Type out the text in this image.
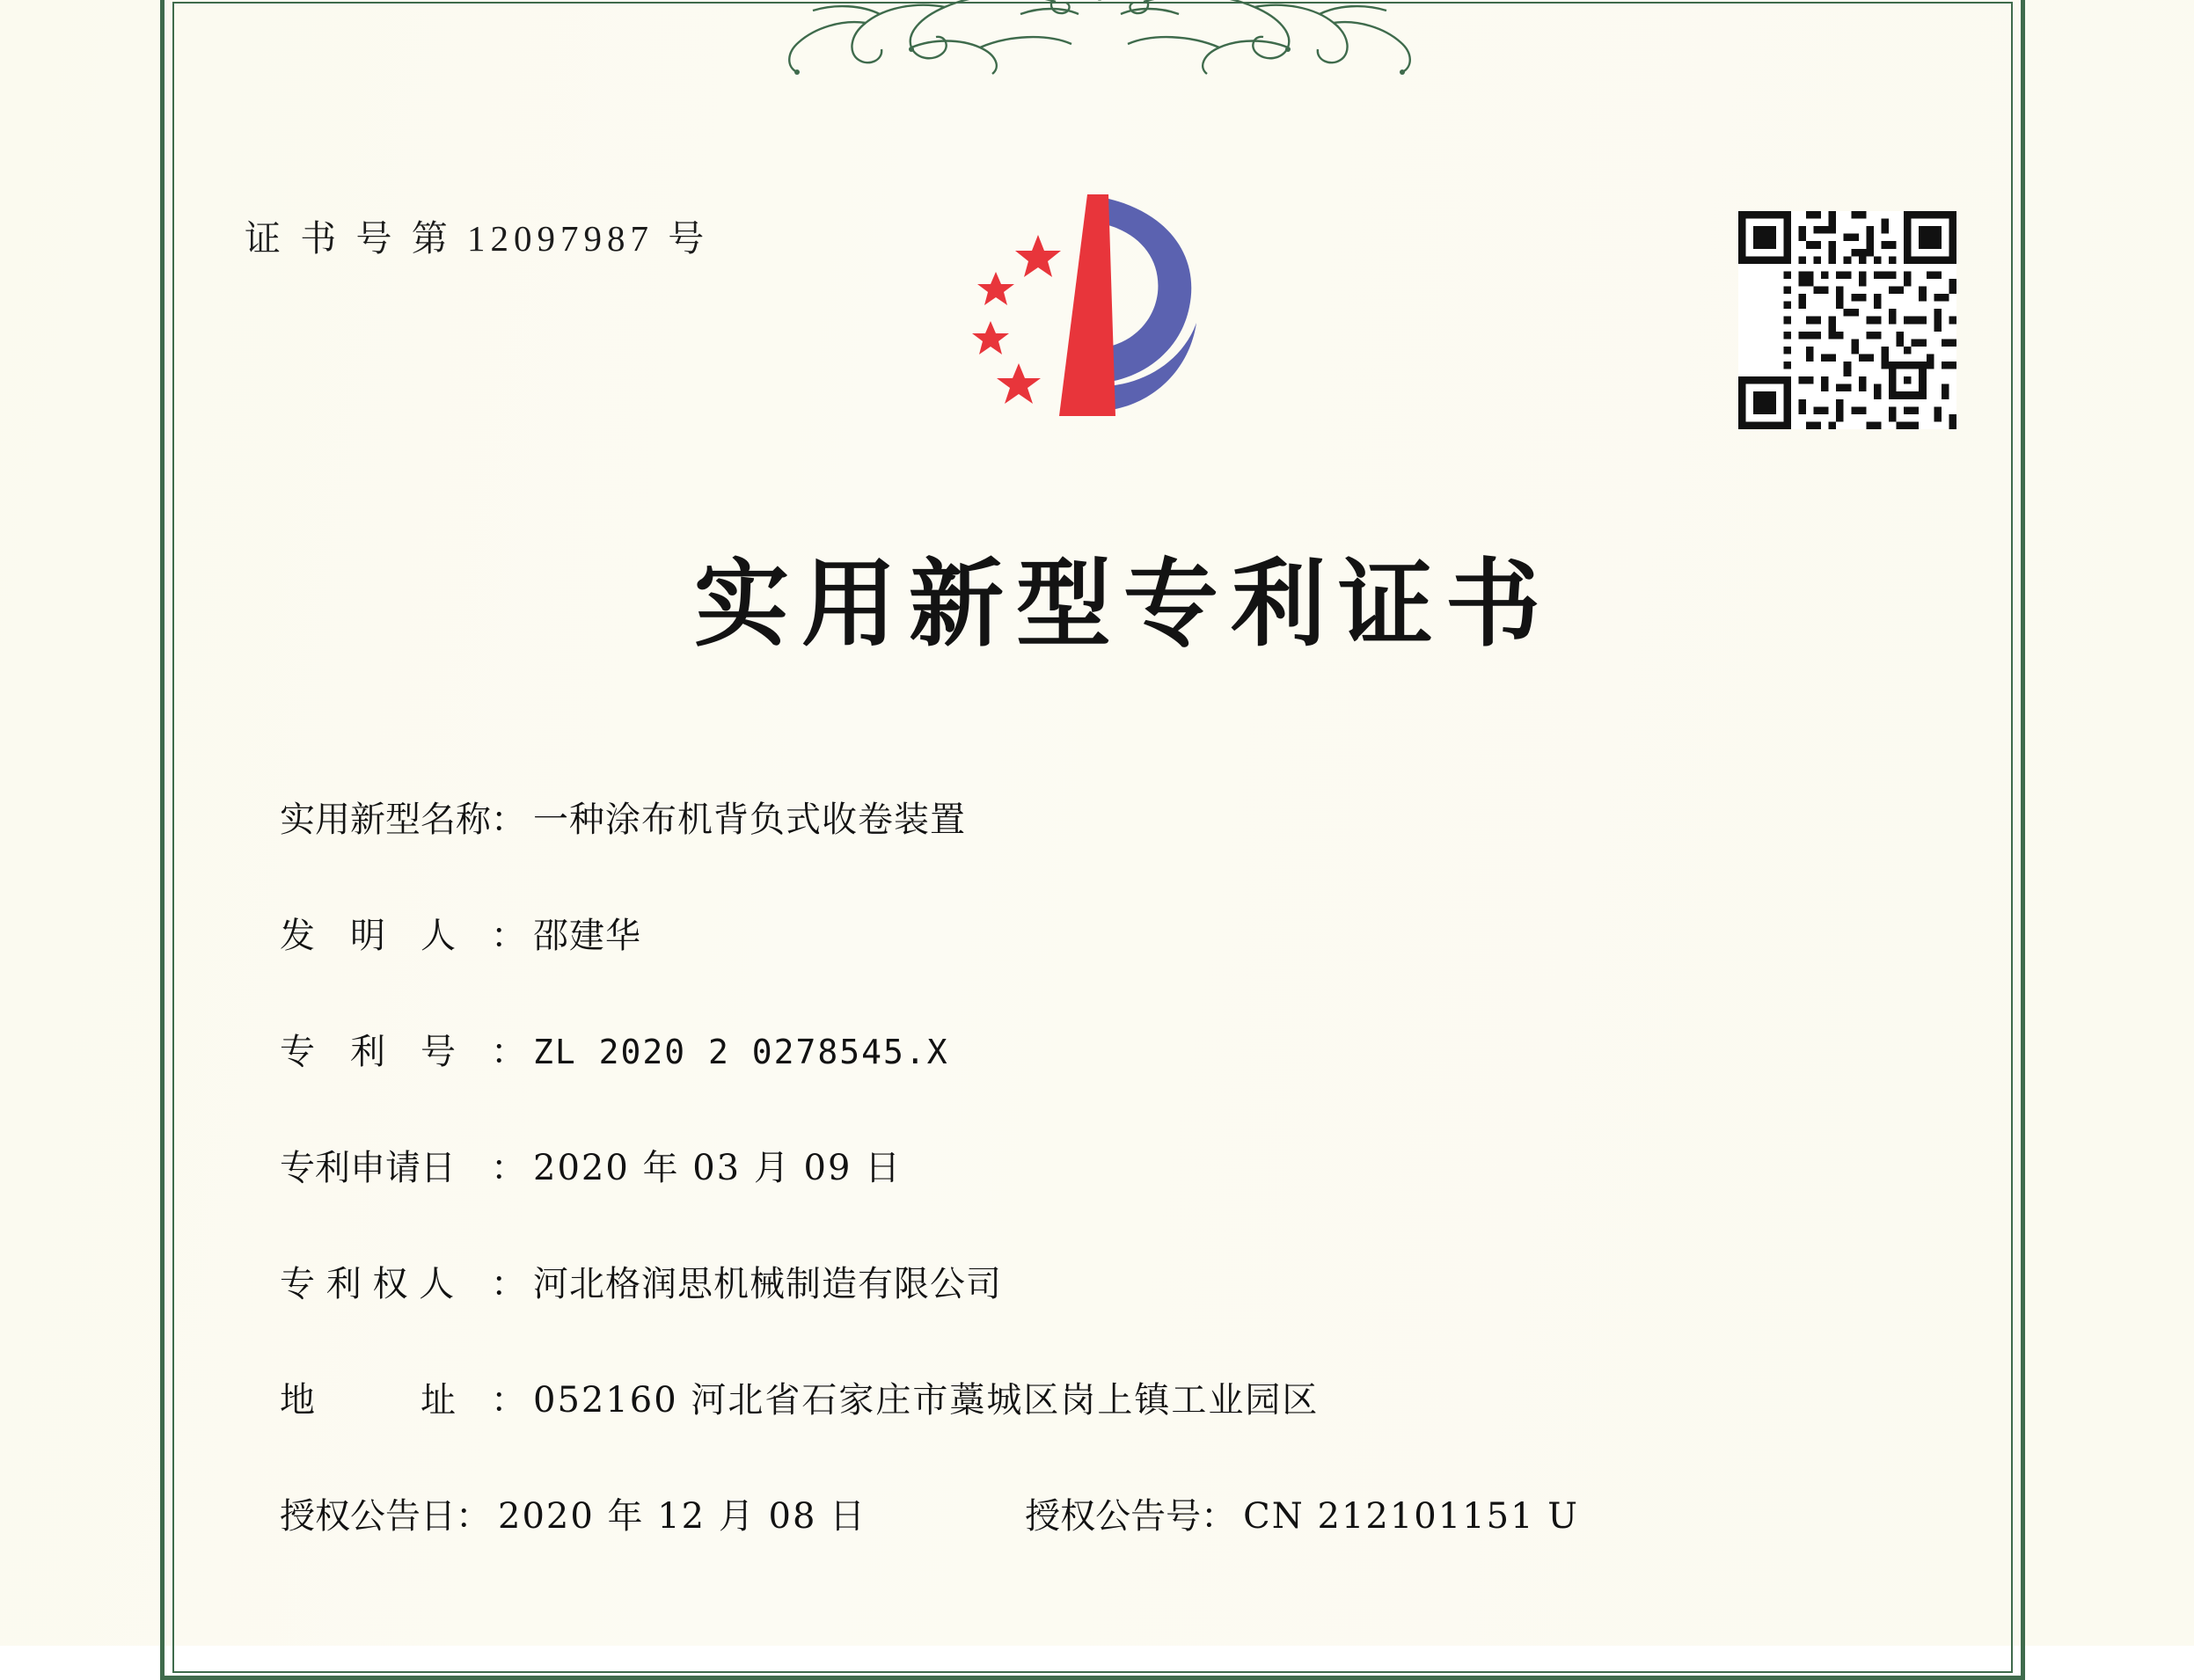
证 书 号 第 12097987 号
实用新型专利证书
实用新型名称 ： 一种涂布机背负式收卷装置
发　明　人	： 邵建华
专　利　号	： ZL 2020 2 0278545.X
专利申请日	： 2020 年 03 月 09 日
专 利 权 人	： 河北格润思机械制造有限公司
地　　　址	： 052160 河北省石家庄市藁城区岗上镇工业园区
授权公告日 ： 2020 年 12 月 08 日	授权公告号 ： CN 212101151 U
